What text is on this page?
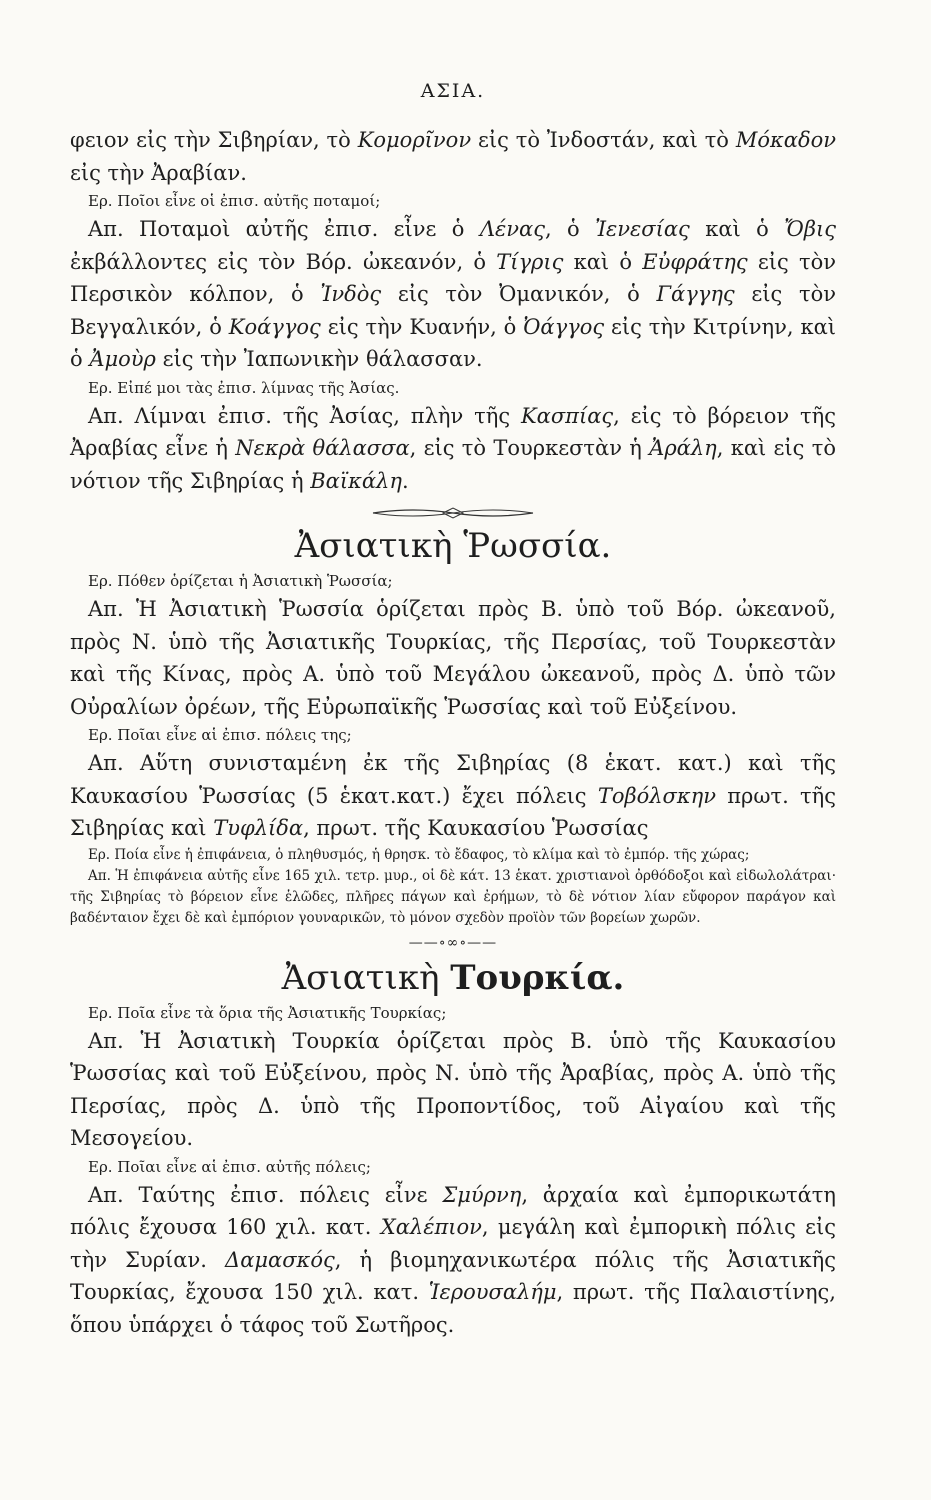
ΑΣΙΑ.

φειον εἰς τὴν Σιβηρίαν, τὸ Κομορῖνον εἰς τὸ Ἰνδοστάν, καὶ τὸ Μόκαδον εἰς τὴν Ἀραβίαν.

Ερ. Ποῖοι εἶνε οἱ ἐπισ. αὐτῆς ποταμοί;

Απ. Ποταμοὶ αὐτῆς ἐπισ. εἶνε ὁ Λένας, ὁ Ἰενεσίας καὶ ὁ Ὄβις ἐκβάλλοντες εἰς τὸν Βόρ. ὠκεανόν, ὁ Τίγρις καὶ ὁ Εὐφράτης εἰς τὸν Περσικὸν κόλπον, ὁ Ἰνδὸς εἰς τὸν Ὀμανικόν, ὁ Γάγγης εἰς τὸν Βεγγαλικόν, ὁ Κοάγγος εἰς τὴν Κυανήν, ὁ Ὀάγγος εἰς τὴν Κιτρίνην, καὶ ὁ Ἀμοὺρ εἰς τὴν Ἰαπωνικὴν θάλασσαν.

Ερ. Εἰπέ μοι τὰς ἐπισ. λίμνας τῆς Ἀσίας.

Απ. Λίμναι ἐπισ. τῆς Ἀσίας, πλὴν τῆς Κασπίας, εἰς τὸ βόρειον τῆς Ἀραβίας εἶνε ἡ Νεκρὰ θάλασσα, εἰς τὸ Τουρκεστὰν ἡ Ἀράλη, καὶ εἰς τὸ νότιον τῆς Σιβηρίας ἡ Βαϊκάλη.

Ἀσιατικὴ Ῥωσσία.

Ερ. Πόθεν ὁρίζεται ἡ Ἀσιατικὴ Ῥωσσία;

Απ. Ἡ Ἀσιατικὴ Ῥωσσία ὁρίζεται πρὸς Β. ὑπὸ τοῦ Βόρ. ὠκεανοῦ, πρὸς Ν. ὑπὸ τῆς Ἀσιατικῆς Τουρκίας, τῆς Περσίας, τοῦ Τουρκεστὰν καὶ τῆς Κίνας, πρὸς Α. ὑπὸ τοῦ Μεγάλου ὠκεανοῦ, πρὸς Δ. ὑπὸ τῶν Οὐραλίων ὀρέων, τῆς Εὐρωπαϊκῆς Ῥωσσίας καὶ τοῦ Εὐξείνου.

Ερ. Ποῖαι εἶνε αἱ ἐπισ. πόλεις της;

Απ. Αὕτη συνισταμένη ἐκ τῆς Σιβηρίας (8 ἑκατ. κατ.) καὶ τῆς Καυκασίου Ῥωσσίας (5 ἑκατ.κατ.) ἔχει πόλεις Τοβόλσκην πρωτ. τῆς Σιβηρίας καὶ Τυφλίδα, πρωτ. τῆς Καυκασίου Ῥωσσίας

Ερ. Ποία εἶνε ἡ ἐπιφάνεια, ὁ πληθυσμός, ἡ θρησκ. τὸ ἔδαφος, τὸ κλίμα καὶ τὸ ἐμπόρ. τῆς χώρας;

Απ. Ἡ ἐπιφάνεια αὐτῆς εἶνε 165 χιλ. τετρ. μυρ., οἱ δὲ κάτ. 13 ἑκατ. χριστιανοὶ ὀρθόδοξοι καὶ εἰδωλολάτραι· τῆς Σιβηρίας τὸ βόρειον εἶνε ἑλῶδες, πλῆρες πάγων καὶ ἐρήμων, τὸ δὲ νότιον λίαν εὔφορον παράγον καὶ βαδένταιον ἔχει δὲ καὶ ἐμπόριον γουναρικῶν, τὸ μόνον σχεδὸν προϊὸν τῶν βορείων χωρῶν.

——∘∞∘——
Ἀσιατικὴ Τουρκία.

Ερ. Ποῖα εἶνε τὰ ὅρια τῆς Ἀσιατικῆς Τουρκίας;

Απ. Ἡ Ἀσιατικὴ Τουρκία ὁρίζεται πρὸς Β. ὑπὸ τῆς Καυκασίου Ῥωσσίας καὶ τοῦ Εὐξείνου, πρὸς Ν. ὑπὸ τῆς Ἀραβίας, πρὸς Α. ὑπὸ τῆς Περσίας, πρὸς Δ. ὑπὸ τῆς Προποντίδος, τοῦ Αἰγαίου καὶ τῆς Μεσογείου.

Ερ. Ποῖαι εἶνε αἱ ἐπισ. αὐτῆς πόλεις;

Απ. Ταύτης ἐπισ. πόλεις εἶνε Σμύρνη, ἀρχαία καὶ ἐμπορικωτάτη πόλις ἔχουσα 160 χιλ. κατ. Χαλέπιον, μεγάλη καὶ ἐμπορικὴ πόλις εἰς τὴν Συρίαν. Δαμασκός, ἡ βιομηχανικωτέρα πόλις τῆς Ἀσιατικῆς Τουρκίας, ἔχουσα 150 χιλ. κατ. Ἱερουσαλήμ, πρωτ. τῆς Παλαιστίνης, ὅπου ὑπάρχει ὁ τάφος τοῦ Σωτῆρος.
